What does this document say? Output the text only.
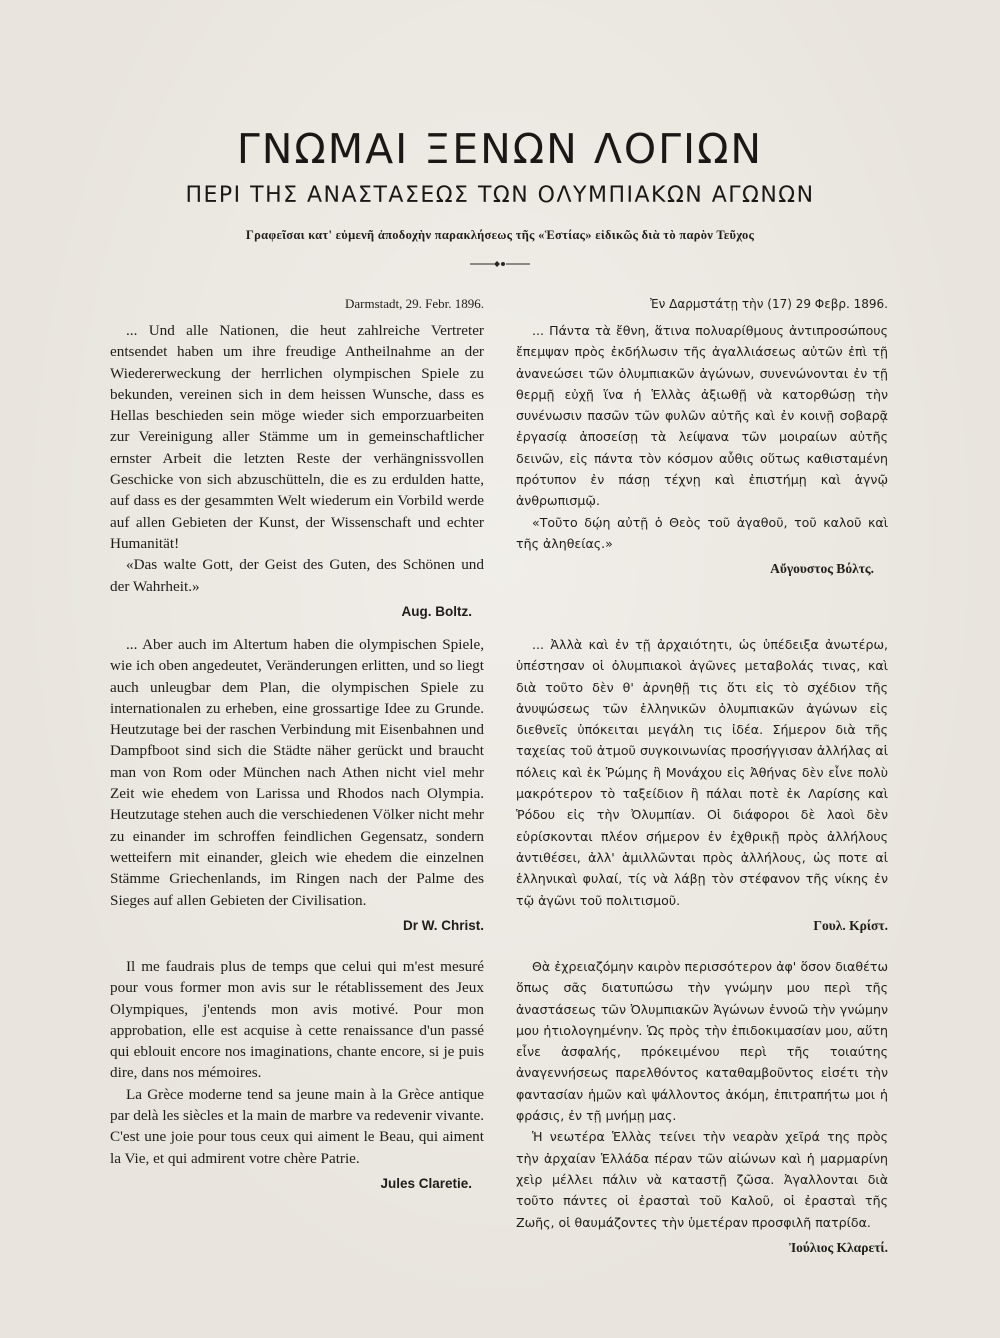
ΓΝΩΜΑΙ ΞΕΝΩΝ ΛΟΓΙΩΝ
ΠΕΡΙ ΤΗΣ ΑΝΑΣΤΑΣΕΩΣ ΤΩΝ ΟΛΥΜΠΙΑΚΩΝ ΑΓΩΝΩΝ
Γραφεῖσαι κατ' εὐμενῆ ἀποδοχὴν παρακλήσεως τῆς «Ἑστίας» εἰδικῶς διὰ τὸ παρὸν Τεῦχος
Darmstadt, 29. Febr. 1896.

... Und alle Nationen, die heut zahlreiche Vertreter entsendet haben um ihre freudige Antheilnahme an der Wiedererweckung der herrlichen olympischen Spiele zu bekunden, vereinen sich in dem heissen Wunsche, dass es Hellas beschieden sein möge wieder sich emporzuarbeiten zur Vereinigung aller Stämme um in gemeinschaftlicher ernster Arbeit die letzten Reste der verhängnissvollen Geschicke von sich abzuschütteln, die es zu erdulden hatte, auf dass es der gesammten Welt wiederum ein Vorbild werde auf allen Gebieten der Kunst, der Wissenschaft und echter Humanität!

«Das walte Gott, der Geist des Guten, des Schönen und der Wahrheit.»

Aug. Boltz.
Ἐν Δαρμστάτῃ τὴν (17) 29 Φεβρ. 1896.

... Πάντα τὰ ἔθνη, ἅτινα πολυαρίθμους ἀντιπροσώπους ἔπεμψαν πρὸς ἐκδήλωσιν τῆς ἀγαλλιάσεως αὐτῶν ἐπὶ τῇ ἀνανεώσει τῶν ὀλυμπιακῶν ἀγώνων, συνενώνονται ἐν τῇ θερμῇ εὐχῇ ἵνα ἡ Ἑλλὰς ἀξιωθῇ νὰ κατορθώσῃ τὴν συνένωσιν πασῶν τῶν φυλῶν αὐτῆς καὶ ἐν κοινῇ σοβαρᾷ ἐργασίᾳ ἀποσείσῃ τὰ λείψανα τῶν μοιραίων αὐτῆς δεινῶν, εἰς πάντα τὸν κόσμον αὖθις οὕτως καθισταμένη πρότυπον ἐν πάσῃ τέχνῃ καὶ ἐπιστήμῃ καὶ ἁγνῷ ἀνθρωπισμῷ.

«Τοῦτο δῴη αὐτῇ ὁ Θεὸς τοῦ ἀγαθοῦ, τοῦ καλοῦ καὶ τῆς ἀληθείας.»

Αὔγουστος Βόλτς.

... Aber auch im Altertum haben die olympischen Spiele, wie ich oben angedeutet, Veränderungen erlitten, und so liegt auch unleugbar dem Plan, die olympischen Spiele zu internationalen zu erheben, eine grossartige Idee zu Grunde. Heutzutage bei der raschen Verbindung mit Eisenbahnen und Dampfboot sind sich die Städte näher gerückt und braucht man von Rom oder München nach Athen nicht viel mehr Zeit wie ehedem von Larissa und Rhodos nach Olympia. Heutzutage stehen auch die verschiedenen Völker nicht mehr zu einander im schroffen feindlichen Gegensatz, sondern wetteifern mit einander, gleich wie ehedem die einzelnen Stämme Griechenlands, im Ringen nach der Palme des Sieges auf allen Gebieten der Civilisation.

Dr W. Christ.

... Ἀλλὰ καὶ ἐν τῇ ἀρχαιότητι, ὡς ὑπέδειξα ἀνωτέρω, ὑπέστησαν οἱ ὀλυμπιακοὶ ἀγῶνες μεταβολάς τινας, καὶ διὰ τοῦτο δὲν θ' ἀρνηθῇ τις ὅτι εἰς τὸ σχέδιον τῆς ἀνυψώσεως τῶν ἑλληνικῶν ὀλυμπιακῶν ἀγώνων εἰς διεθνεῖς ὑπόκειται μεγάλη τις ἰδέα. Σήμερον διὰ τῆς ταχείας τοῦ ἀτμοῦ συγκοινωνίας προσήγγισαν ἀλλήλας αἱ πόλεις καὶ ἐκ Ῥώμης ἢ Μονάχου εἰς Ἀθήνας δὲν εἶνε πολὺ μακρότερον τὸ ταξείδιον ἢ πάλαι ποτὲ ἐκ Λαρίσης καὶ Ῥόδου εἰς τὴν Ὀλυμπίαν. Οἱ διάφοροι δὲ λαοὶ δὲν εὑρίσκονται πλέον σήμερον ἐν ἐχθρικῇ πρὸς ἀλλήλους ἀντιθέσει, ἀλλ' ἁμιλλῶνται πρὸς ἀλλήλους, ὡς ποτε αἱ ἑλληνικαὶ φυλαί, τίς νὰ λάβῃ τὸν στέφανον τῆς νίκης ἐν τῷ ἀγῶνι τοῦ πολιτισμοῦ.

Γουλ. Κρίστ.

Il me faudrais plus de temps que celui qui m'est mesuré pour vous former mon avis sur le rétablissement des Jeux Olympiques, j'entends mon avis motivé. Pour mon approbation, elle est acquise à cette renaissance d'un passé qui eblouit encore nos imaginations, chante encore, si je puis dire, dans nos mémoires.

La Grèce moderne tend sa jeune main à la Grèce antique par delà les siècles et la main de marbre va redevenir vivante. C'est une joie pour tous ceux qui aiment le Beau, qui aiment la Vie, et qui admirent votre chère Patrie.

Jules Claretie.

Θὰ ἐχρειαζόμην καιρὸν περισσότερον ἀφ' ὅσον διαθέτω ὅπως σᾶς διατυπώσω τὴν γνώμην μου περὶ τῆς ἀναστάσεως τῶν Ὀλυμπιακῶν Ἀγώνων ἐννοῶ τὴν γνώμην μου ἠτιολογημένην. Ὡς πρὸς τὴν ἐπιδοκιμασίαν μου, αὕτη εἶνε ἀσφαλής, πρόκειμένου περὶ τῆς τοιαύτης ἀναγεννήσεως παρελθόντος καταθαμβοῦντος εἰσέτι τὴν φαντασίαν ἡμῶν καὶ ψάλλοντος ἀκόμη, ἐπιτραπήτω μοι ἡ φράσις, ἐν τῇ μνήμῃ μας.

Ἡ νεωτέρα Ἑλλὰς τείνει τὴν νεαρὰν χεῖρά της πρὸς τὴν ἀρχαίαν Ἑλλάδα πέραν τῶν αἰώνων καὶ ἡ μαρμαρίνη χεὶρ μέλλει πάλιν νὰ καταστῇ ζῶσα. Ἀγαλλονται διὰ τοῦτο πάντες οἱ ἐρασταὶ τοῦ Καλοῦ, οἱ ἐρασταὶ τῆς Ζωῆς, οἱ θαυμάζοντες τὴν ὑμετέραν προσφιλῆ πατρίδα.

Ἰούλιος Κλαρετί.
